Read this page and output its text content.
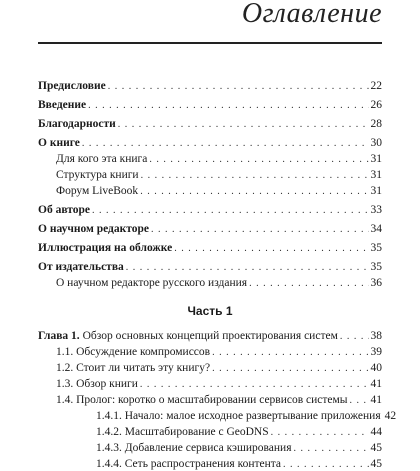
Оглавление
Предисловие . . .	22
Введение . . .	26
Благодарности . . .	28
О книге . . .	30
Для кого эта книга . . .	31
Структура книги . . .	31
Форум LiveBook . . .	31
Об авторе . . .	33
О научном редакторе . . .	34
Иллюстрация на обложке . . .	35
От издательства . . .	35
О научном редакторе русского издания . . .	36
Часть 1
Глава 1. Обзор основных концепций проектирования систем . . .	38
1.1. Обсуждение компромиссов . . .	39
1.2. Стоит ли читать эту книгу? . . .	40
1.3. Обзор книги . . .	41
1.4. Пролог: коротко о масштабировании сервисов системы . . . 41
1.4.1. Начало: малое исходное развертывание приложения 42
1.4.2. Масштабирование с GeoDNS . . .	44
1.4.3. Добавление сервиса кэширования . . .	45
1.4.4. Сеть распространения контента . . .	45
